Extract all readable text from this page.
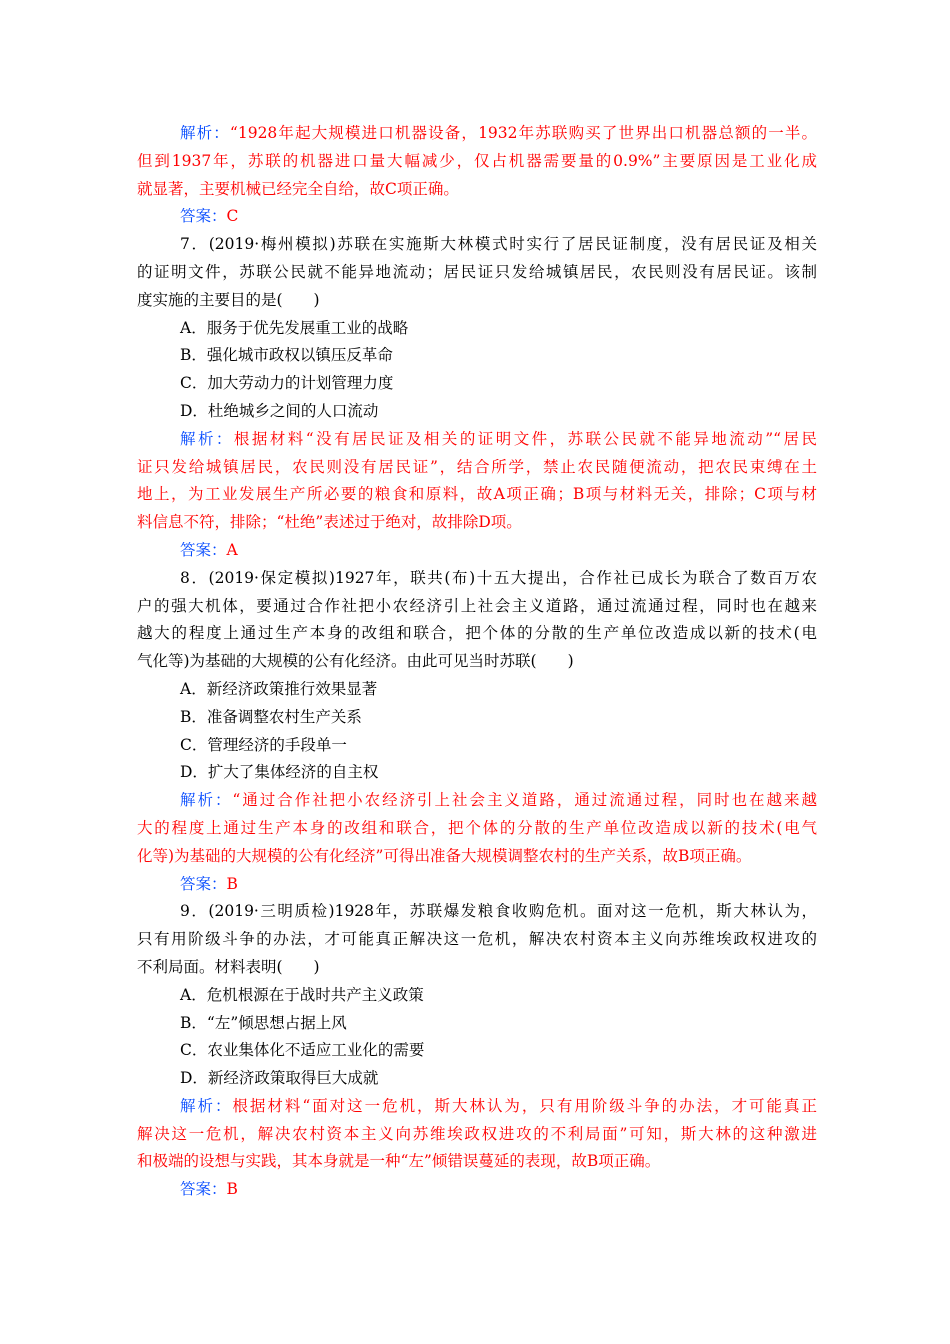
解析：“1928年起大规模进口机器设备，1932年苏联购买了世界出口机器总额的一半。
但到1937年，苏联的机器进口量大幅减少，仅占机器需要量的0.9%”主要原因是工业化成
就显著，主要机械已经完全自给，故C项正确。
答案：C
7．(2019·梅州模拟)苏联在实施斯大林模式时实行了居民证制度，没有居民证及相关
的证明文件，苏联公民就不能异地流动；居民证只发给城镇居民，农民则没有居民证。该制
度实施的主要目的是(　　)
A．服务于优先发展重工业的战略
B．强化城市政权以镇压反革命
C．加大劳动力的计划管理力度
D．杜绝城乡之间的人口流动
解析：根据材料“没有居民证及相关的证明文件，苏联公民就不能异地流动”“居民
证只发给城镇居民，农民则没有居民证”，结合所学，禁止农民随便流动，把农民束缚在土
地上，为工业发展生产所必要的粮食和原料，故A项正确；B项与材料无关，排除；C项与材
料信息不符，排除；“杜绝”表述过于绝对，故排除D项。
答案：A
8．(2019·保定模拟)1927年，联共(布)十五大提出，合作社已成长为联合了数百万农
户的强大机体，要通过合作社把小农经济引上社会主义道路，通过流通过程，同时也在越来
越大的程度上通过生产本身的改组和联合，把个体的分散的生产单位改造成以新的技术(电
气化等)为基础的大规模的公有化经济。由此可见当时苏联(　　)
A．新经济政策推行效果显著
B．准备调整农村生产关系
C．管理经济的手段单一
D．扩大了集体经济的自主权
解析：“通过合作社把小农经济引上社会主义道路，通过流通过程，同时也在越来越
大的程度上通过生产本身的改组和联合，把个体的分散的生产单位改造成以新的技术(电气
化等)为基础的大规模的公有化经济”可得出准备大规模调整农村的生产关系，故B项正确。
答案：B
9．(2019·三明质检)1928年，苏联爆发粮食收购危机。面对这一危机，斯大林认为，
只有用阶级斗争的办法，才可能真正解决这一危机，解决农村资本主义向苏维埃政权进攻的
不利局面。材料表明(　　)
A．危机根源在于战时共产主义政策
B．“左”倾思想占据上风
C．农业集体化不适应工业化的需要
D．新经济政策取得巨大成就
解析：根据材料“面对这一危机，斯大林认为，只有用阶级斗争的办法，才可能真正
解决这一危机，解决农村资本主义向苏维埃政权进攻的不利局面”可知，斯大林的这种激进
和极端的设想与实践，其本身就是一种“左”倾错误蔓延的表现，故B项正确。
答案：B
